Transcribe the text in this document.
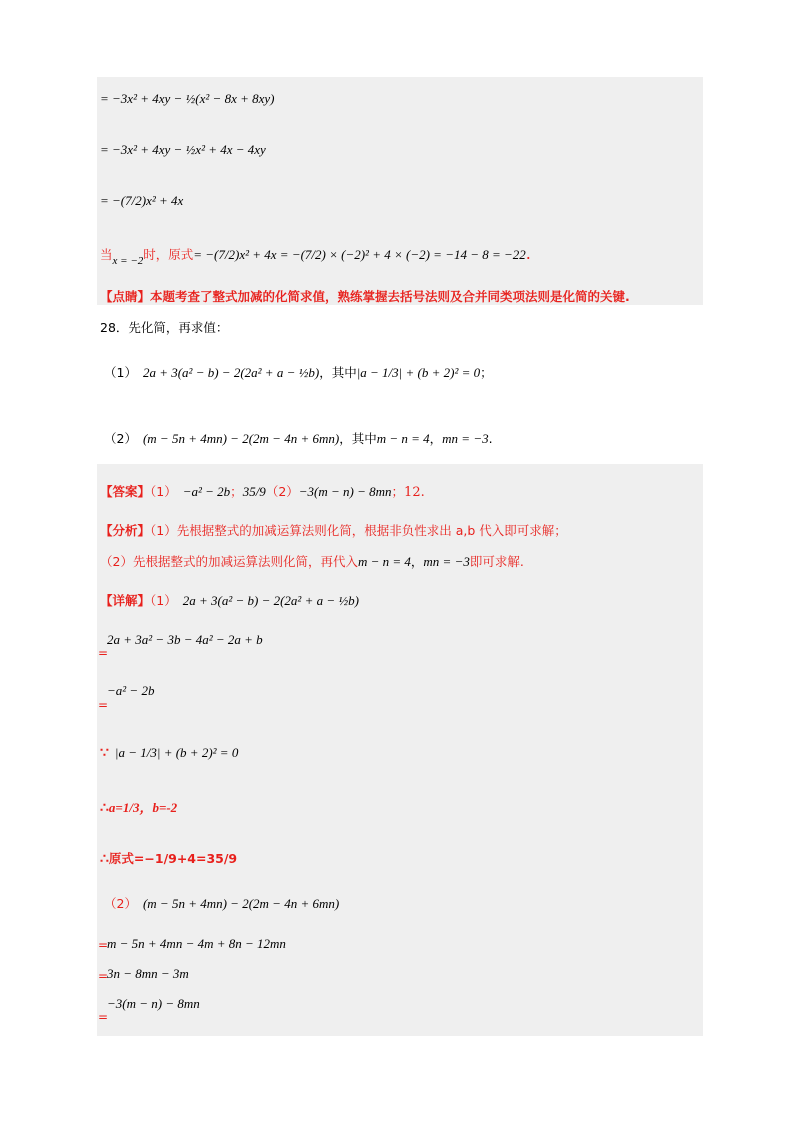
= −3x² + 4xy − ½(x² − 8x + 8xy)
= −3x² + 4xy − ½x² + 4x − 4xy
= −(7/2)x² + 4x
当$_{x = -2}$时，原式= −(7/2)x² + 4x = −(7/2) × (−2)² + 4 × (−2) = −14 − 8 = −22.
【点睛】本题考查了整式加减的化简求值，熟练掌握去括号法则及合并同类项法则是化简的关键.
28．先化简，再求值：
（1） 2a + 3(a² − b) − 2(2a² + a − ½b)，其中|a − 1/3| + (b + 2)² = 0；
（2） (m − 5n + 4mn) − 2(2m − 4n + 6mn)，其中m − n = 4，mn = −3.
【答案】（1） −a² − 2b；35/9（2）−3(m − n) − 8mn；12.
【分析】（1）先根据整式的加减运算法则化简，根据非负性求出 a,b 代入即可求解；
（2）先根据整式的加减运算法则化简，再代入m − n = 4，mn = −3即可求解.
【详解】（1） 2a + 3(a² − b) − 2(2a² + a − ½b)
=
2a + 3a² − 3b − 4a² − 2a + b
=
−a² − 2b
∵ |a − 1/3| + (b + 2)² = 0
∴a=1/3，b=-2
∴原式=−1/9+4=35/9
（2） (m − 5n + 4mn) − 2(2m − 4n + 6mn)
=
m − 5n + 4mn − 4m + 8n − 12mn
=
3n − 8mn − 3m
=
−3(m − n) − 8mn
